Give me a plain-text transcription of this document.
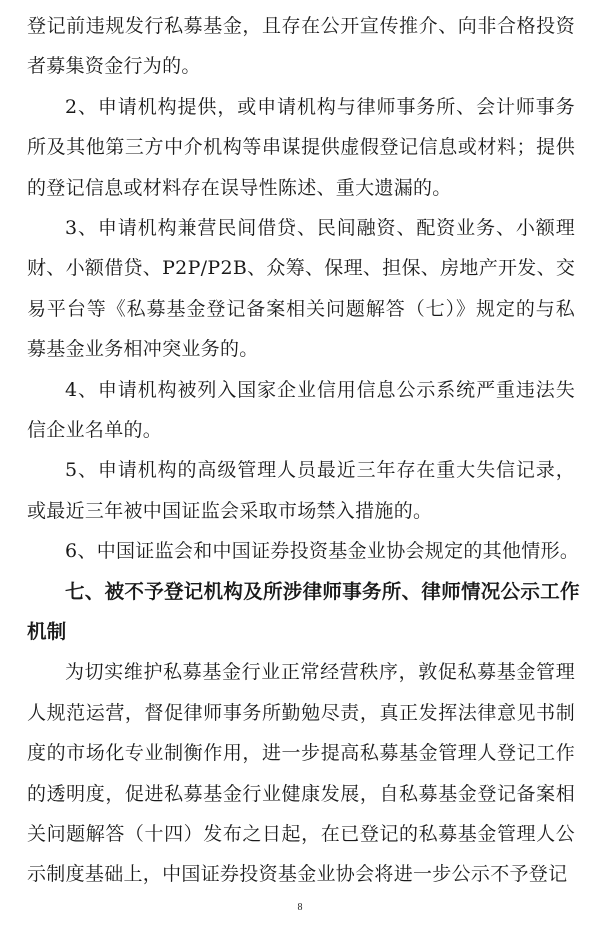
登记前违规发行私募基金，且存在公开宣传推介、向非合格投资
者募集资金行为的。
2、申请机构提供，或申请机构与律师事务所、会计师事务
所及其他第三方中介机构等串谋提供虚假登记信息或材料；提供
的登记信息或材料存在误导性陈述、重大遗漏的。
3、申请机构兼营民间借贷、民间融资、配资业务、小额理
财、小额借贷、P2P/P2B、众筹、保理、担保、房地产开发、交
易平台等《私募基金登记备案相关问题解答（七）》规定的与私
募基金业务相冲突业务的。
4、申请机构被列入国家企业信用信息公示系统严重违法失
信企业名单的。
5、申请机构的高级管理人员最近三年存在重大失信记录，
或最近三年被中国证监会采取市场禁入措施的。
6、中国证监会和中国证券投资基金业协会规定的其他情形。
七、被不予登记机构及所涉律师事务所、律师情况公示工作
机制
为切实维护私募基金行业正常经营秩序，敦促私募基金管理
人规范运营，督促律师事务所勤勉尽责，真正发挥法律意见书制
度的市场化专业制衡作用，进一步提高私募基金管理人登记工作
的透明度，促进私募基金行业健康发展，自私募基金登记备案相
关问题解答（十四）发布之日起，在已登记的私募基金管理人公
示制度基础上，中国证券投资基金业协会将进一步公示不予登记
8
